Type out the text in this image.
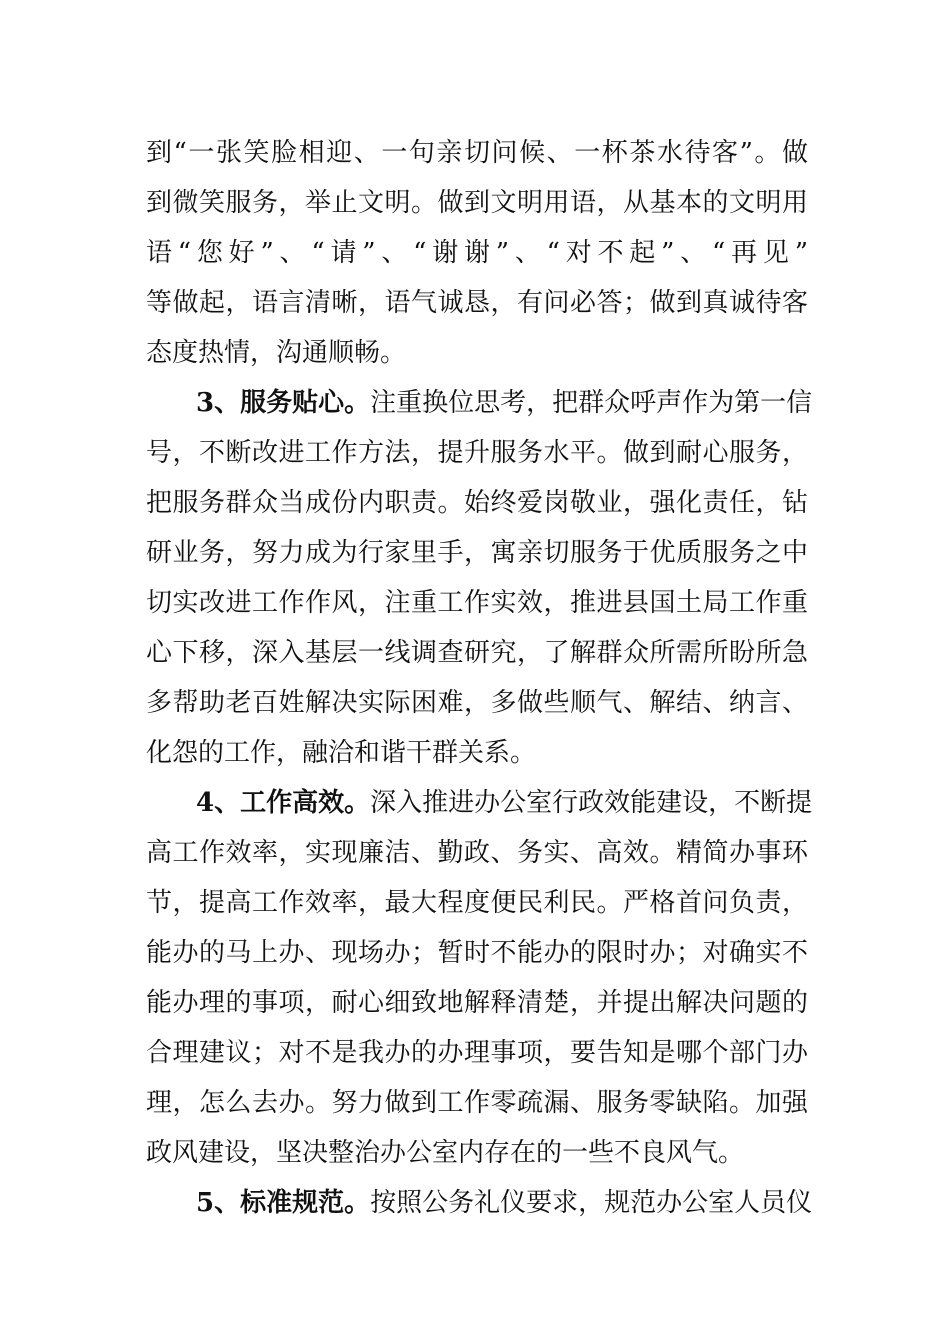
到“一张笑脸相迎、一句亲切问候、一杯茶水待客”。做
到微笑服务，举止文明。做到文明用语，从基本的文明用
语“您好”、“请”、“谢谢”、“对不起”、“再见”
等做起，语言清晰，语气诚恳，有问必答；做到真诚待客
态度热情，沟通顺畅。
3、服务贴心。注重换位思考，把群众呼声作为第一信
号，不断改进工作方法，提升服务水平。做到耐心服务，
把服务群众当成份内职责。始终爱岗敬业，强化责任，钻
研业务，努力成为行家里手，寓亲切服务于优质服务之中
切实改进工作作风，注重工作实效，推进县国土局工作重
心下移，深入基层一线调查研究，了解群众所需所盼所急
多帮助老百姓解决实际困难，多做些顺气、解结、纳言、
化怨的工作，融洽和谐干群关系。
4、工作高效。深入推进办公室行政效能建设，不断提
高工作效率，实现廉洁、勤政、务实、高效。精简办事环
节，提高工作效率，最大程度便民利民。严格首问负责，
能办的马上办、现场办；暂时不能办的限时办；对确实不
能办理的事项，耐心细致地解释清楚，并提出解决问题的
合理建议；对不是我办的办理事项，要告知是哪个部门办
理，怎么去办。努力做到工作零疏漏、服务零缺陷。加强
政风建设，坚决整治办公室内存在的一些不良风气。
5、标准规范。按照公务礼仪要求，规范办公室人员仪
